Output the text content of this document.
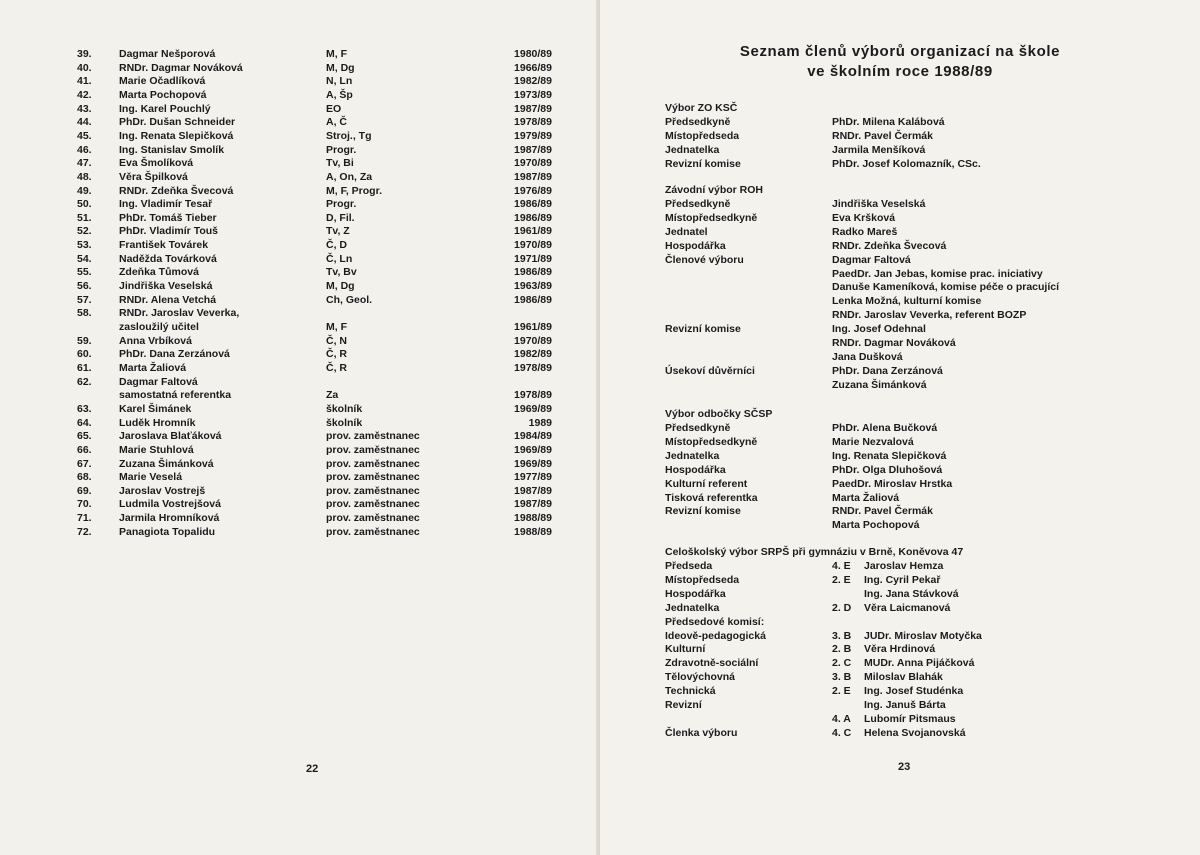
39.	Dagmar Nešporová	M, F	1980/89
40.	RNDr. Dagmar Nováková	M, Dg	1966/89
41.	Marie Očadlíková	N, Ln	1982/89
42.	Marta Pochopová	A, Šp	1973/89
43.	Ing. Karel Pouchlý	EO	1987/89
44.	PhDr. Dušan Schneider	A, Č	1978/89
45.	Ing. Renata Slepičková	Stroj., Tg	1979/89
46.	Ing. Stanislav Smolík	Progr.	1987/89
47.	Eva Šmolíková	Tv, Bi	1970/89
48.	Věra Špilková	A, On, Za	1987/89
49.	RNDr. Zdeňka Švecová	M, F, Progr.	1976/89
50.	Ing. Vladimír Tesař	Progr.	1986/89
51.	PhDr. Tomáš Tieber	D, Fil.	1986/89
52.	PhDr. Vladimír Touš	Tv, Z	1961/89
53.	František Továrek	Č, D	1970/89
54.	Naděžda Továrková	Č, Ln	1971/89
55.	Zdeňka Tůmová	Tv, Bv	1986/89
56.	Jindřiška Veselská	M, Dg	1963/89
57.	RNDr. Alena Vetchá	Ch, Geol.	1986/89
58.	RNDr. Jaroslav Veverka,
zasloužilý učitel	M, F	1961/89
59.	Anna Vrbíková	Č, N	1970/89
60.	PhDr. Dana Zerzánová	Č, R	1982/89
61.	Marta Žaliová	Č, R	1978/89
62.	Dagmar Faltová
samostatná referentka	Za	1978/89
63.	Karel Šimánek	školník	1969/89
64.	Luděk Hromník	školník	1989
65.	Jaroslava Blaťáková	prov. zaměstnanec	1984/89
66.	Marie Stuhlová	prov. zaměstnanec	1969/89
67.	Zuzana Šimánková	prov. zaměstnanec	1969/89
68.	Marie Veselá	prov. zaměstnanec	1977/89
69.	Jaroslav Vostrejš	prov. zaměstnanec	1987/89
70.	Ludmila Vostrejšová	prov. zaměstnanec	1987/89
71.	Jarmila Hromníková	prov. zaměstnanec	1988/89
72.	Panagiota Topalidu	prov. zaměstnanec	1988/89
22
Seznam členů výborů organizací na škole
ve školním roce 1988/89
23
Výbor ZO KSČ
Předsedkyně	PhDr. Milena Kalábová
Místopředseda	RNDr. Pavel Čermák
Jednatelka	Jarmila Menšíková
Revizní komise	PhDr. Josef Kolomazník, CSc.
Závodní výbor ROH
Předsedkyně	Jindřiška Veselská
Místopředsedkyně	Eva Kršková
Jednatel	Radko Mareš
Hospodářka	RNDr. Zdeňka Švecová
Členové výboru	Dagmar Faltová
PaedDr. Jan Jebas, komise prac. iniciativy
Danuše Kameníková, komise péče o pracující
Lenka Možná, kulturní komise
RNDr. Jaroslav Veverka, referent BOZP
Revizní komise	Ing. Josef Odehnal
RNDr. Dagmar Nováková
Jana Dušková
Úsekoví důvěrníci	PhDr. Dana Zerzánová
Zuzana Šimánková
Výbor odbočky SČSP
Předsedkyně	PhDr. Alena Bučková
Místopředsedkyně	Marie Nezvalová
Jednatelka	Ing. Renata Slepičková
Hospodářka	PhDr. Olga Dluhošová
Kulturní referent	PaedDr. Miroslav Hrstka
Tisková referentka	Marta Žaliová
Revizní komise	RNDr. Pavel Čermák
Marta Pochopová
Celoškolský výbor SRPŠ při gymnáziu v Brně, Koněvova 47
Předseda	4. E Jaroslav Hemza
Místopředseda	2. E Ing. Cyril Pekař
Hospodářka	Ing. Jana Stávková
Jednatelka	2. D Věra Laicmanová
Předsedové komisí:
Ideově-pedagogická	3. B JUDr. Miroslav Motyčka
Kulturní	2. B Věra Hrdinová
Zdravotně-sociální	2. C MUDr. Anna Pijáčková
Tělovýchovná	3. B Miloslav Blahák
Technická	2. E Ing. Josef Studénka
Revizní	Ing. Januš Bárta
4. A Lubomír Pitsmaus
Členka výboru	4. C Helena Svojanovská
